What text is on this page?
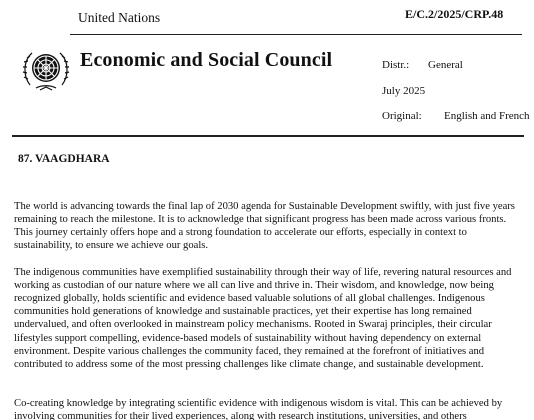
United Nations	E/C.2/2025/CRP.48
Economic and Social Council	Distr.: General
July 2025
Original: English and French
87. VAAGDHARA

The world is advancing towards the final lap of 2030 agenda for Sustainable Development swiftly, with just five years remaining to reach the milestone. It is to acknowledge that significant progress has been made across various fronts. This journey certainly offers hope and a strong foundation to accelerate our efforts, especially in context to sustainability, to ensure we achieve our goals.

The indigenous communities have exemplified sustainability through their way of life, revering natural resources and working as custodian of our nature where we all can live and thrive in. Their wisdom, and knowledge, now being recognized globally, holds scientific and evidence based valuable solutions of all global challenges. Indigenous communities hold generations of knowledge and sustainable practices, yet their expertise has long remained undervalued, and often overlooked in mainstream policy mechanisms. Rooted in Swaraj principles, their circular lifestyles support compelling, evidence-based models of sustainability without having dependency on external environment. Despite various challenges the community faced, they remained at the forefront of initiatives and contributed to address some of the most pressing challenges like climate change, and sustainable development.

Co-creating knowledge by integrating scientific evidence with indigenous wisdom is vital. This can be achieved by involving communities for their lived experiences, along with research institutions, universities, and others
